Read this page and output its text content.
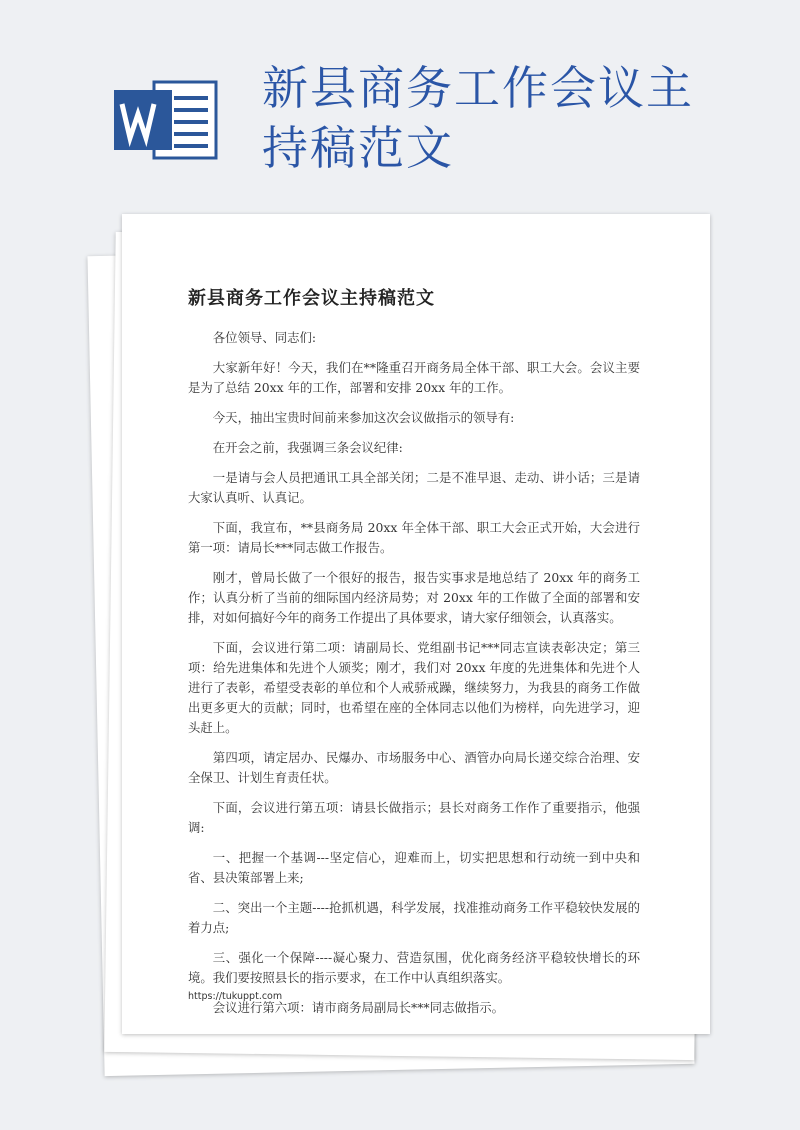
新县商务工作会议主持稿范文
新县商务工作会议主持稿范文

各位领导、同志们:

大家新年好！今天，我们在**隆重召开商务局全体干部、职工大会。会议主要是为了总结 20xx 年的工作，部署和安排 20xx 年的工作。

今天，抽出宝贵时间前来参加这次会议做指示的领导有:

在开会之前，我强调三条会议纪律:

一是请与会人员把通讯工具全部关闭；二是不准早退、走动、讲小话；三是请大家认真听、认真记。

下面，我宣布，**县商务局 20xx 年全体干部、职工大会正式开始，大会进行第一项：请局长***同志做工作报告。

刚才，曾局长做了一个很好的报告，报告实事求是地总结了 20xx 年的商务工作；认真分析了当前的细际国内经济局势；对 20xx 年的工作做了全面的部署和安排，对如何搞好今年的商务工作提出了具体要求，请大家仔细领会，认真落实。

下面，会议进行第二项：请副局长、党组副书记***同志宣读表彰决定；第三项：给先进集体和先进个人颁奖；刚才，我们对 20xx 年度的先进集体和先进个人进行了表彰，希望受表彰的单位和个人戒骄戒躁，继续努力，为我县的商务工作做出更多更大的贡献；同时，也希望在座的全体同志以他们为榜样，向先进学习，迎头赶上。

第四项，请定居办、民爆办、市场服务中心、酒管办向局长递交综合治理、安全保卫、计划生育责任状。

下面，会议进行第五项：请县长做指示；县长对商务工作作了重要指示，他强调:

一、把握一个基调---坚定信心，迎难而上，切实把思想和行动统一到中央和省、县决策部署上来;

二、突出一个主题----抢抓机遇，科学发展，找准推动商务工作平稳较快发展的着力点;

三、强化一个保障----凝心聚力、营造氛围，优化商务经济平稳较快增长的环境。我们要按照县长的指示要求，在工作中认真组织落实。

会议进行第六项：请市商务局副局长***同志做指示。

https://tukuppt.com
